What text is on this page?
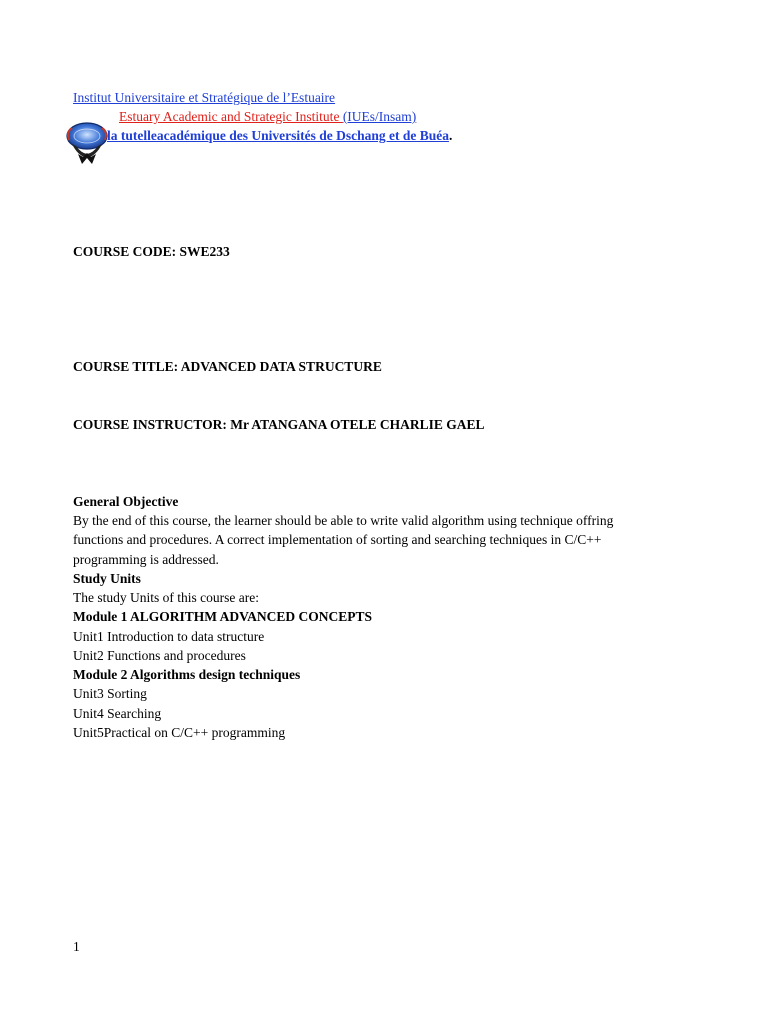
Institut Universitaire et Stratégique de l’Estuaire
Estuary Academic and Strategic Institute (IUEs/Insam)
la tutelleacadémique des Universités de Dschang et de Buéa.
COURSE CODE: SWE233
COURSE TITLE: ADVANCED DATA STRUCTURE
COURSE INSTRUCTOR: Mr ATANGANA OTELE CHARLIE GAEL
General Objective
By the end of this course, the learner should be able to write valid algorithm using technique offring
functions and procedures. A correct implementation of sorting and searching techniques in C/C++
programming is addressed.
Study Units
The study Units of this course are:
Module 1 ALGORITHM ADVANCED CONCEPTS
Unit1 Introduction to data structure
Unit2 Functions and procedures
Module 2 Algorithms design techniques
Unit3 Sorting
Unit4 Searching
Unit5Practical on C/C++ programming
1
